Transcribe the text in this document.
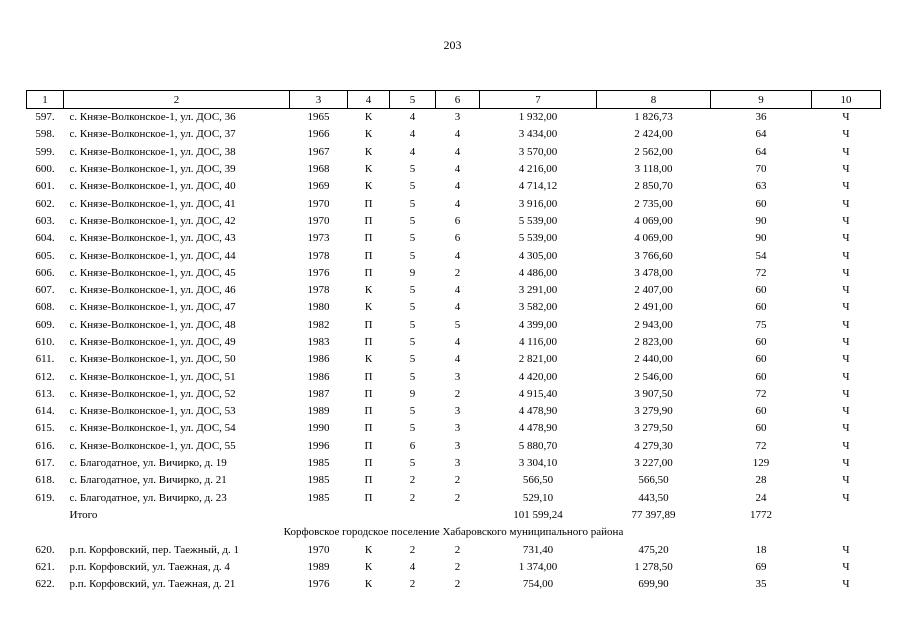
203
1	2	3	4	5	6	7	8	9	10
597.	с. Князе-Волконское-1, ул. ДОС, 36	1965	К	4	3	1 932,00	1 826,73	36	Ч
598.	с. Князе-Волконское-1, ул. ДОС, 37	1966	К	4	4	3 434,00	2 424,00	64	Ч
599.	с. Князе-Волконское-1, ул. ДОС, 38	1967	К	4	4	3 570,00	2 562,00	64	Ч
600.	с. Князе-Волконское-1, ул. ДОС, 39	1968	К	5	4	4 216,00	3 118,00	70	Ч
601.	с. Князе-Волконское-1, ул. ДОС, 40	1969	К	5	4	4 714,12	2 850,70	63	Ч
602.	с. Князе-Волконское-1, ул. ДОС, 41	1970	П	5	4	3 916,00	2 735,00	60	Ч
603.	с. Князе-Волконское-1, ул. ДОС, 42	1970	П	5	6	5 539,00	4 069,00	90	Ч
604.	с. Князе-Волконское-1, ул. ДОС, 43	1973	П	5	6	5 539,00	4 069,00	90	Ч
605.	с. Князе-Волконское-1, ул. ДОС, 44	1978	П	5	4	4 305,00	3 766,60	54	Ч
606.	с. Князе-Волконское-1, ул. ДОС, 45	1976	П	9	2	4 486,00	3 478,00	72	Ч
607.	с. Князе-Волконское-1, ул. ДОС, 46	1978	К	5	4	3 291,00	2 407,00	60	Ч
608.	с. Князе-Волконское-1, ул. ДОС, 47	1980	К	5	4	3 582,00	2 491,00	60	Ч
609.	с. Князе-Волконское-1, ул. ДОС, 48	1982	П	5	5	4 399,00	2 943,00	75	Ч
610.	с. Князе-Волконское-1, ул. ДОС, 49	1983	П	5	4	4 116,00	2 823,00	60	Ч
611.	с. Князе-Волконское-1, ул. ДОС, 50	1986	К	5	4	2 821,00	2 440,00	60	Ч
612.	с. Князе-Волконское-1, ул. ДОС, 51	1986	П	5	3	4 420,00	2 546,00	60	Ч
613.	с. Князе-Волконское-1, ул. ДОС, 52	1987	П	9	2	4 915,40	3 907,50	72	Ч
614.	с. Князе-Волконское-1, ул. ДОС, 53	1989	П	5	3	4 478,90	3 279,90	60	Ч
615.	с. Князе-Волконское-1, ул. ДОС, 54	1990	П	5	3	4 478,90	3 279,50	60	Ч
616.	с. Князе-Волконское-1, ул. ДОС, 55	1996	П	6	3	5 880,70	4 279,30	72	Ч
617.	с. Благодатное, ул. Вичирко, д. 19	1985	П	5	3	3 304,10	3 227,00	129	Ч
618.	с. Благодатное, ул. Вичирко, д. 21	1985	П	2	2	566,50	566,50	28	Ч
619.	с. Благодатное, ул. Вичирко, д. 23	1985	П	2	2	529,10	443,50	24	Ч
	Итого					101 599,24	77 397,89	1772	
Корфовское городское поселение Хабаровского муниципального района									
620.	р.п. Корфовский, пер. Таежный, д. 1	1970	К	2	2	731,40	475,20	18	Ч
621.	р.п. Корфовский, ул. Таежная, д. 4	1989	К	4	2	1 374,00	1 278,50	69	Ч
622.	р.п. Корфовский, ул. Таежная, д. 21	1976	К	2	2	754,00	699,90	35	Ч
